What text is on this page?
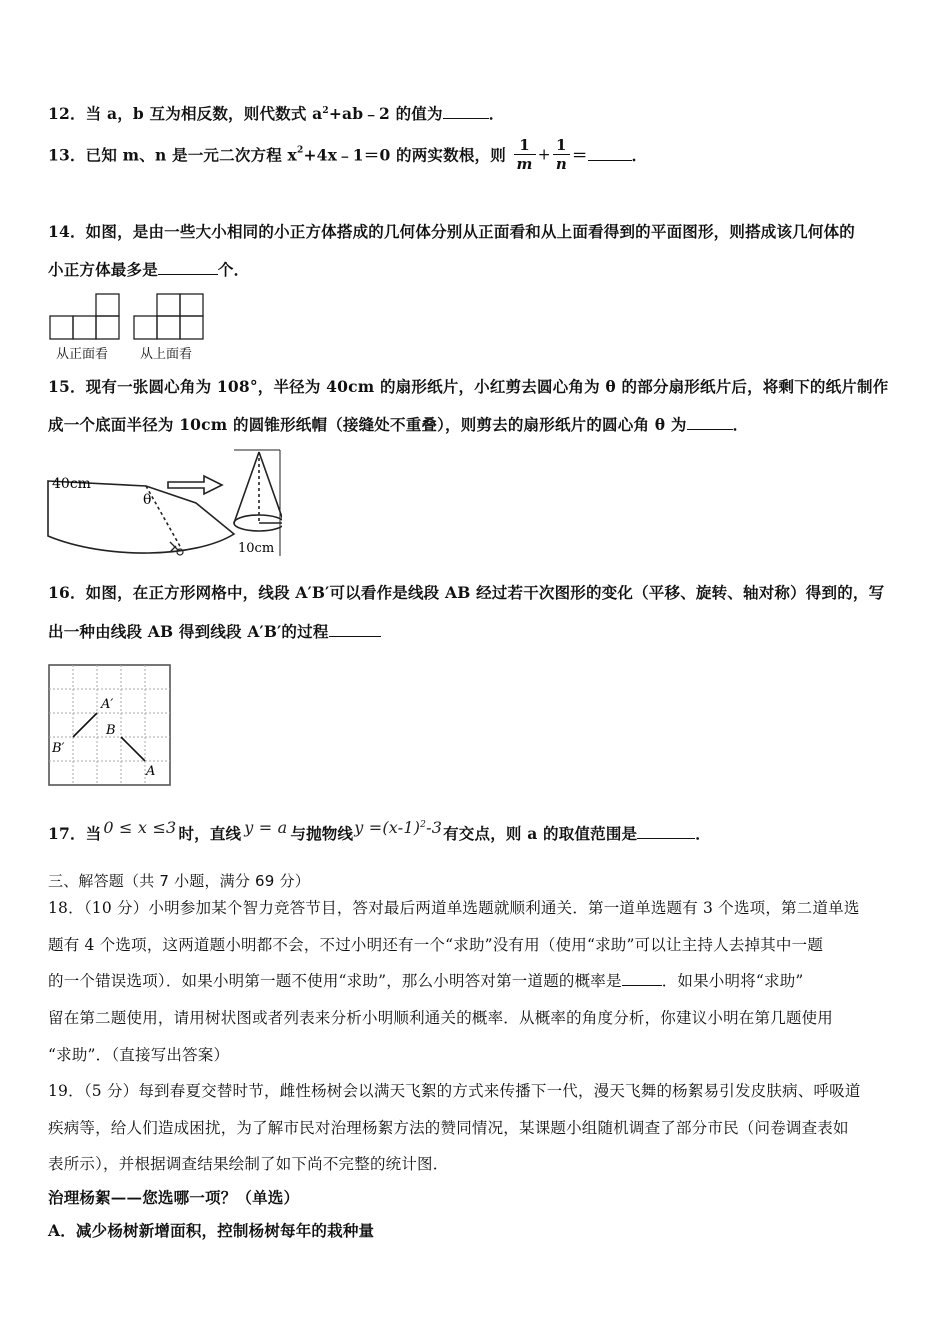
12．当 a，b 互为相反数，则代数式 $a^2+ab﹣2$ 的值为	．
13．已知 m、n 是一元二次方程 $x^2+4x﹣1=0$ 的两实数根，则 $\frac{1}{m} + \frac{1}{n}$ ＝	．
14．如图，是由一些大小相同的小正方体搭成的几何体分别从正面看和从上面看得到的平面图形，则搭成该几何体的
小正方体最多是	个．
从正面看 从上面看
15．现有一张圆心角为 108°，半径为 40cm 的扇形纸片，小红剪去圆心角为 θ 的部分扇形纸片后，将剩下的纸片制作
成一个底面半径为 10cm 的圆锥形纸帽（接缝处不重叠），则剪去的扇形纸片的圆心角 θ 为	．
40cm
θ
10cm
16．如图，在正方形网格中，线段 A′B′可以看作是线段 AB 经过若干次图形的变化（平移、旋转、轴对称）得到的，写
出一种由线段 AB 得到线段 A′B′的过程
A′
B
B′
A
17．当 0 ≤ x ≤3 时，直线 y = a 与抛物线$y =(x-1)^2-3$有交点，则 a 的取值范围是	．
三、解答题（共 7 小题，满分 69 分）
18．（10 分）小明参加某个智力竞答节目，答对最后两道单选题就顺利通关．第一道单选题有 3 个选项，第二道单选
题有 4 个选项，这两道题小明都不会，不过小明还有一个“求助”没有用（使用“求助”可以让主持人去掉其中一题
的一个错误选项）．如果小明第一题不使用“求助”，那么小明答对第一道题的概率是	．如果小明将“求助”
留在第二题使用，请用树状图或者列表来分析小明顺利通关的概率．从概率的角度分析，你建议小明在第几题使用
“求助”．（直接写出答案）
19．（5 分）每到春夏交替时节，雌性杨树会以满天飞絮的方式来传播下一代，漫天飞舞的杨絮易引发皮肤病、呼吸道
疾病等，给人们造成困扰，为了解市民对治理杨絮方法的赞同情况，某课题小组随机调查了部分市民（问卷调查表如
表所示），并根据调查结果绘制了如下尚不完整的统计图．
治理杨絮——您选哪一项？（单选）
A．减少杨树新增面积，控制杨树每年的栽种量
